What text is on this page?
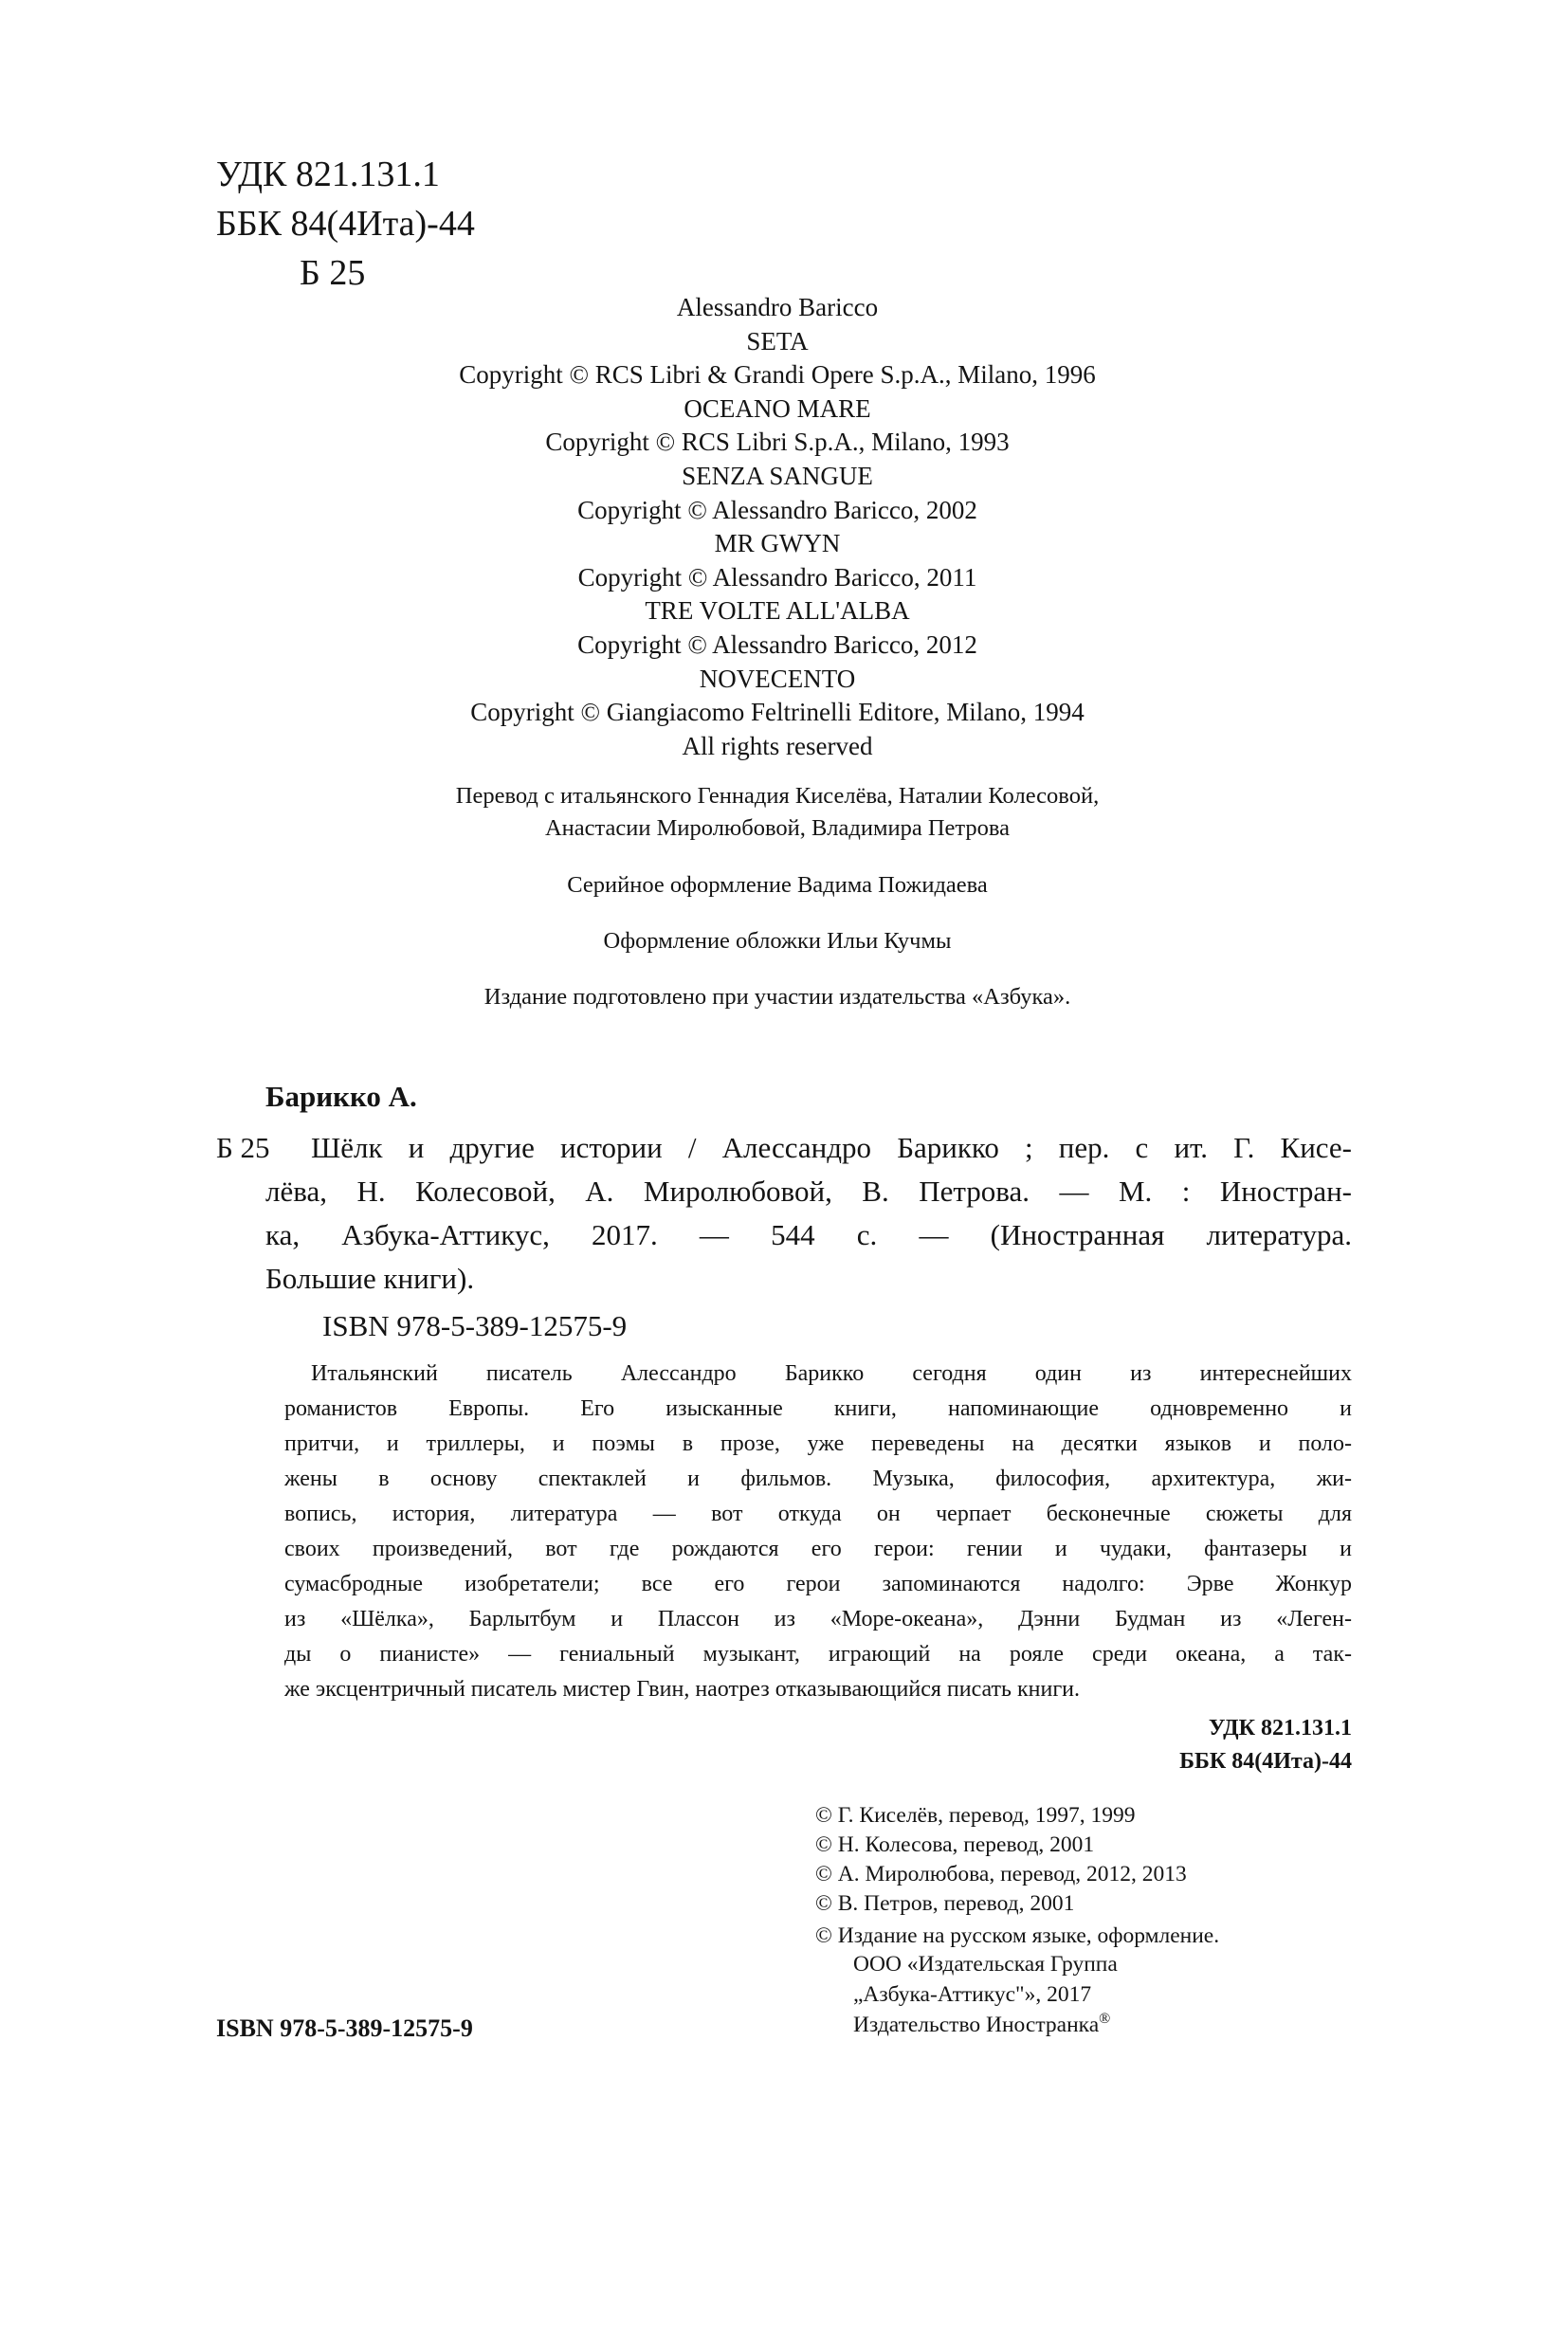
УДК 821.131.1
ББК 84(4Ита)-44
Б 25
Alessandro Baricco
SETA
Copyright © RCS Libri & Grandi Opere S.p.A., Milano, 1996
OCEANO MARE
Copyright © RCS Libri S.p.A., Milano, 1993
SENZA SANGUE
Copyright © Alessandro Baricco, 2002
MR GWYN
Copyright © Alessandro Baricco, 2011
TRE VOLTE ALL'ALBA
Copyright © Alessandro Baricco, 2012
NOVECENTO
Copyright © Giangiacomo Feltrinelli Editore, Milano, 1994
All rights reserved
Перевод с итальянского Геннадия Киселёва, Наталии Колесовой,
Анастасии Миролюбовой, Владимира Петрова
Серийное оформление Вадима Пожидаева
Оформление обложки Ильи Кучмы
Издание подготовлено при участии издательства «Азбука».
Барикко А.
Б 25 Шёлк и другие истории / Алессандро Барикко ; пер. с ит. Г. Кисе-
лёва, Н. Колесовой, А. Миролюбовой, В. Петрова. — М. : Иностран-
ка, Азбука-Аттикус, 2017. — 544 с. — (Иностранная литература.
Большие книги).
ISBN 978-5-389-12575-9
Итальянский писатель Алессандро Барикко сегодня один из интереснейших
романистов Европы. Его изысканные книги, напоминающие одновременно и
притчи, и триллеры, и поэмы в прозе, уже переведены на десятки языков и поло-
жены в основу спектаклей и фильмов. Музыка, философия, архитектура, жи-
вопись, история, литература — вот откуда он черпает бесконечные сюжеты для
своих произведений, вот где рождаются его герои: гении и чудаки, фантазеры и
сумасбродные изобретатели; все его герои запоминаются надолго: Эрве Жонкур
из «Шёлка», Барлытбум и Плассон из «Море-океана», Дэнни Будман из «Леген-
ды о пианисте» — гениальный музыкант, играющий на рояле среди океана, а так-
же эксцентричный писатель мистер Гвин, наотрез отказывающийся писать книги.
УДК 821.131.1
ББК 84(4Ита)-44
© Г. Киселёв, перевод, 1997, 1999
© Н. Колесова, перевод, 2001
© А. Миролюбова, перевод, 2012, 2013
© В. Петров, перевод, 2001
© Издание на русском языке, оформление.
ООО «Издательская Группа
„Азбука-Аттикус"», 2017
Издательство Иностранка®
ISBN 978-5-389-12575-9
